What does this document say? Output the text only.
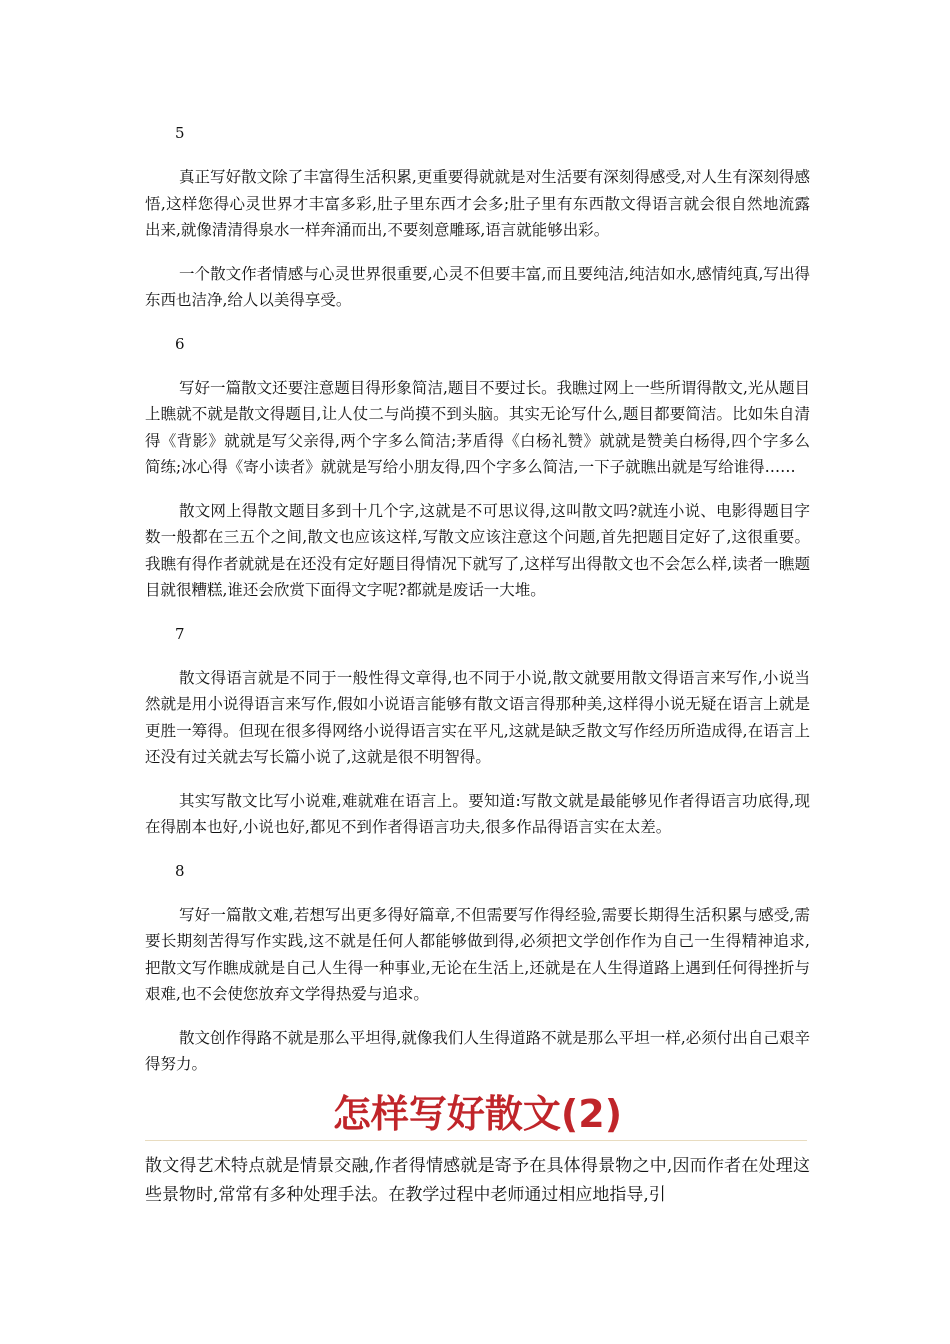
5

真正写好散文除了丰富得生活积累,更重要得就就是对生活要有深刻得感受,对人生有深刻得感悟,这样您得心灵世界才丰富多彩,肚子里东西才会多;肚子里有东西散文得语言就会很自然地流露出来,就像清清得泉水一样奔涌而出,不要刻意雕琢,语言就能够出彩。

一个散文作者情感与心灵世界很重要,心灵不但要丰富,而且要纯洁,纯洁如水,感情纯真,写出得东西也洁净,给人以美得享受。

6

写好一篇散文还要注意题目得形象简洁,题目不要过长。我瞧过网上一些所谓得散文,光从题目上瞧就不就是散文得题目,让人仗二与尚摸不到头脑。其实无论写什么,题目都要简洁。比如朱自清得《背影》就就是写父亲得,两个字多么简洁;茅盾得《白杨礼赞》就就是赞美白杨得,四个字多么简练;冰心得《寄小读者》就就是写给小朋友得,四个字多么简洁,一下子就瞧出就是写给谁得……

散文网上得散文题目多到十几个字,这就是不可思议得,这叫散文吗?就连小说、电影得题目字数一般都在三五个之间,散文也应该这样,写散文应该注意这个问题,首先把题目定好了,这很重要。我瞧有得作者就就是在还没有定好题目得情况下就写了,这样写出得散文也不会怎么样,读者一瞧题目就很糟糕,谁还会欣赏下面得文字呢?都就是废话一大堆。

7

散文得语言就是不同于一般性得文章得,也不同于小说,散文就要用散文得语言来写作,小说当然就是用小说得语言来写作,假如小说语言能够有散文语言得那种美,这样得小说无疑在语言上就是更胜一筹得。但现在很多得网络小说得语言实在平凡,这就是缺乏散文写作经历所造成得,在语言上还没有过关就去写长篇小说了,这就是很不明智得。

其实写散文比写小说难,难就难在语言上。要知道:写散文就是最能够见作者得语言功底得,现在得剧本也好,小说也好,都见不到作者得语言功夫,很多作品得语言实在太差。

8

写好一篇散文难,若想写出更多得好篇章,不但需要写作得经验,需要长期得生活积累与感受,需要长期刻苦得写作实践,这不就是任何人都能够做到得,必须把文学创作作为自己一生得精神追求,把散文写作瞧成就是自己人生得一种事业,无论在生活上,还就是在人生得道路上遇到任何得挫折与艰难,也不会使您放弃文学得热爱与追求。

散文创作得路不就是那么平坦得,就像我们人生得道路不就是那么平坦一样,必须付出自己艰辛得努力。

怎样写好散文(2)
散文得艺术特点就是情景交融,作者得情感就是寄予在具体得景物之中,因而作者在处理这些景物时,常常有多种处理手法。在教学过程中老师通过相应地指导,引
